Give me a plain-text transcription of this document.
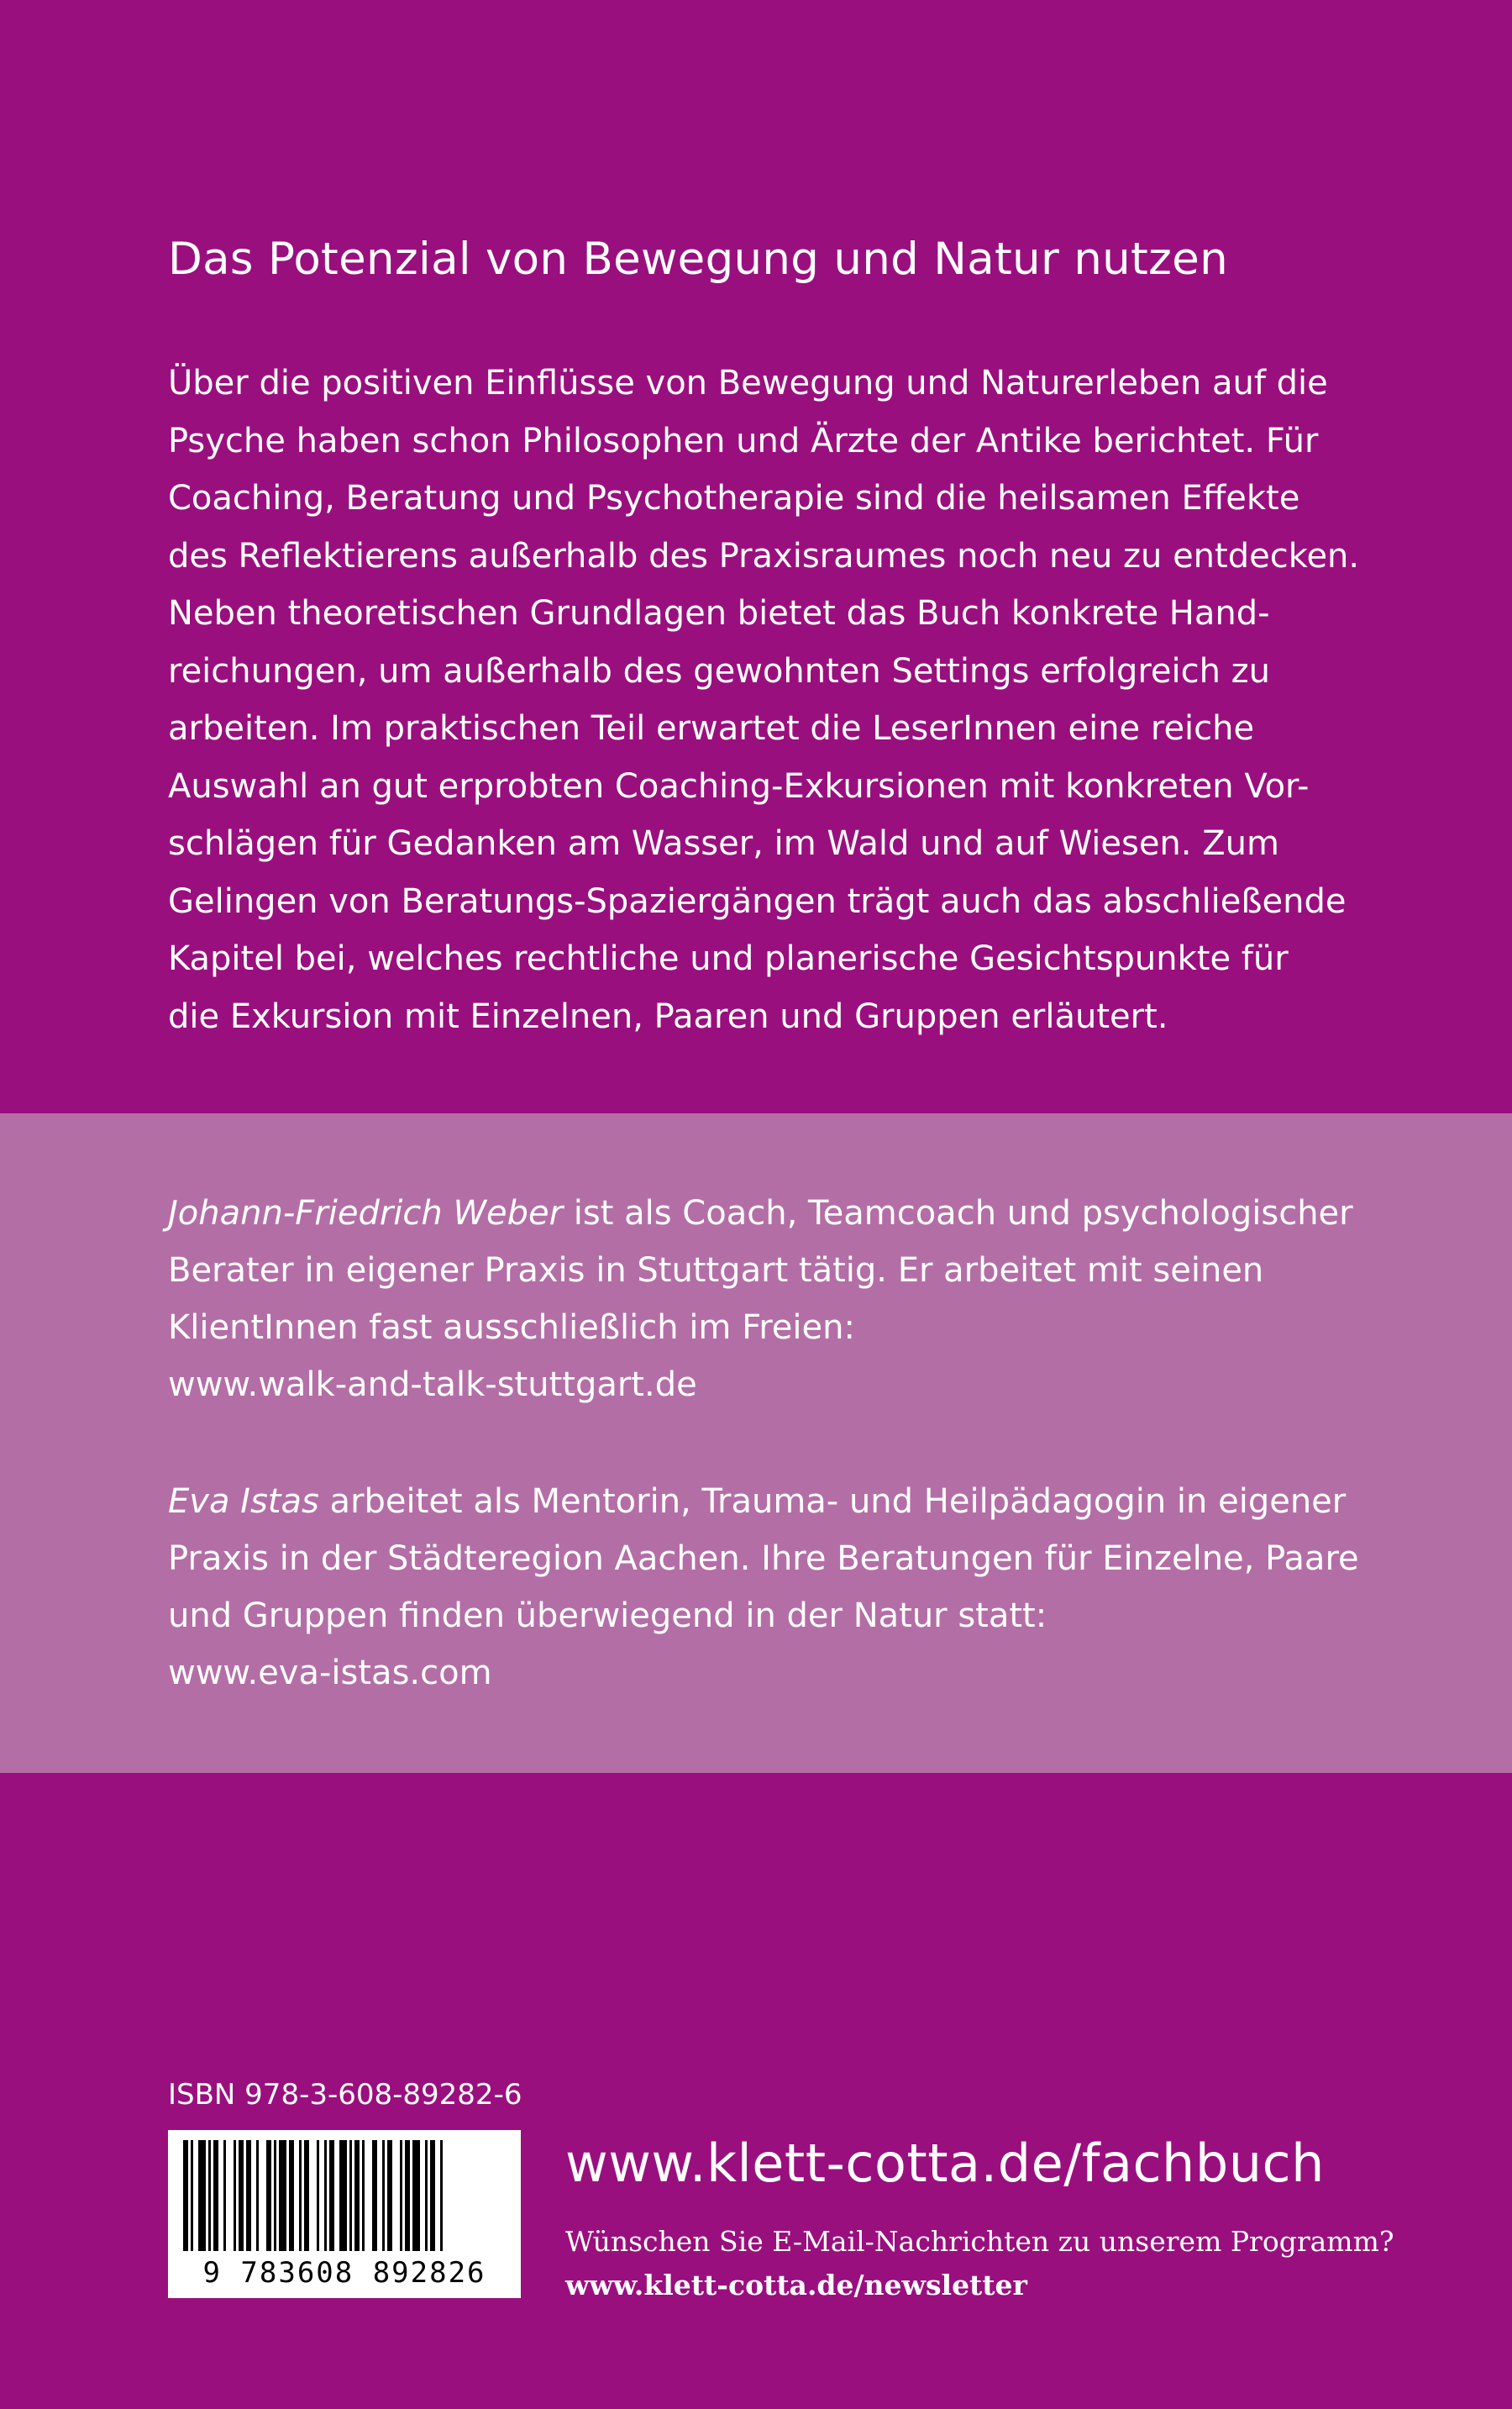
Das Potenzial von Bewegung und Natur nutzen
Über die positiven Einflüsse von Bewegung und Naturerleben auf die
Psyche haben schon Philosophen und Ärzte der Antike berichtet. Für
Coaching, Beratung und Psychotherapie sind die heilsamen Effekte
des Reflektierens außerhalb des Praxisraumes noch neu zu entdecken.
Neben theoretischen Grundlagen bietet das Buch konkrete Hand-
reichungen, um außerhalb des gewohnten Settings erfolgreich zu
arbeiten. Im praktischen Teil erwartet die LeserInnen eine reiche
Auswahl an gut erprobten Coaching-Exkursionen mit konkreten Vor-
schlägen für Gedanken am Wasser, im Wald und auf Wiesen. Zum
Gelingen von Beratungs-Spaziergängen trägt auch das abschließende
Kapitel bei, welches rechtliche und planerische Gesichtspunkte für
die Exkursion mit Einzelnen, Paaren und Gruppen erläutert.
Johann-Friedrich Weber ist als Coach, Teamcoach und psychologischer
Berater in eigener Praxis in Stuttgart tätig. Er arbeitet mit seinen
KlientInnen fast ausschließlich im Freien:
www.walk-and-talk-stuttgart.de
Eva Istas arbeitet als Mentorin, Trauma- und Heilpädagogin in eigener
Praxis in der Städteregion Aachen. Ihre Beratungen für Einzelne, Paare
und Gruppen finden überwiegend in der Natur statt:
www.eva-istas.com
ISBN 978-3-608-89282-6
9 783608 892826
www.klett-cotta.de/fachbuch
Wünschen Sie E-Mail-Nachrichten zu unserem Programm?
www.klett-cotta.de/newsletter
